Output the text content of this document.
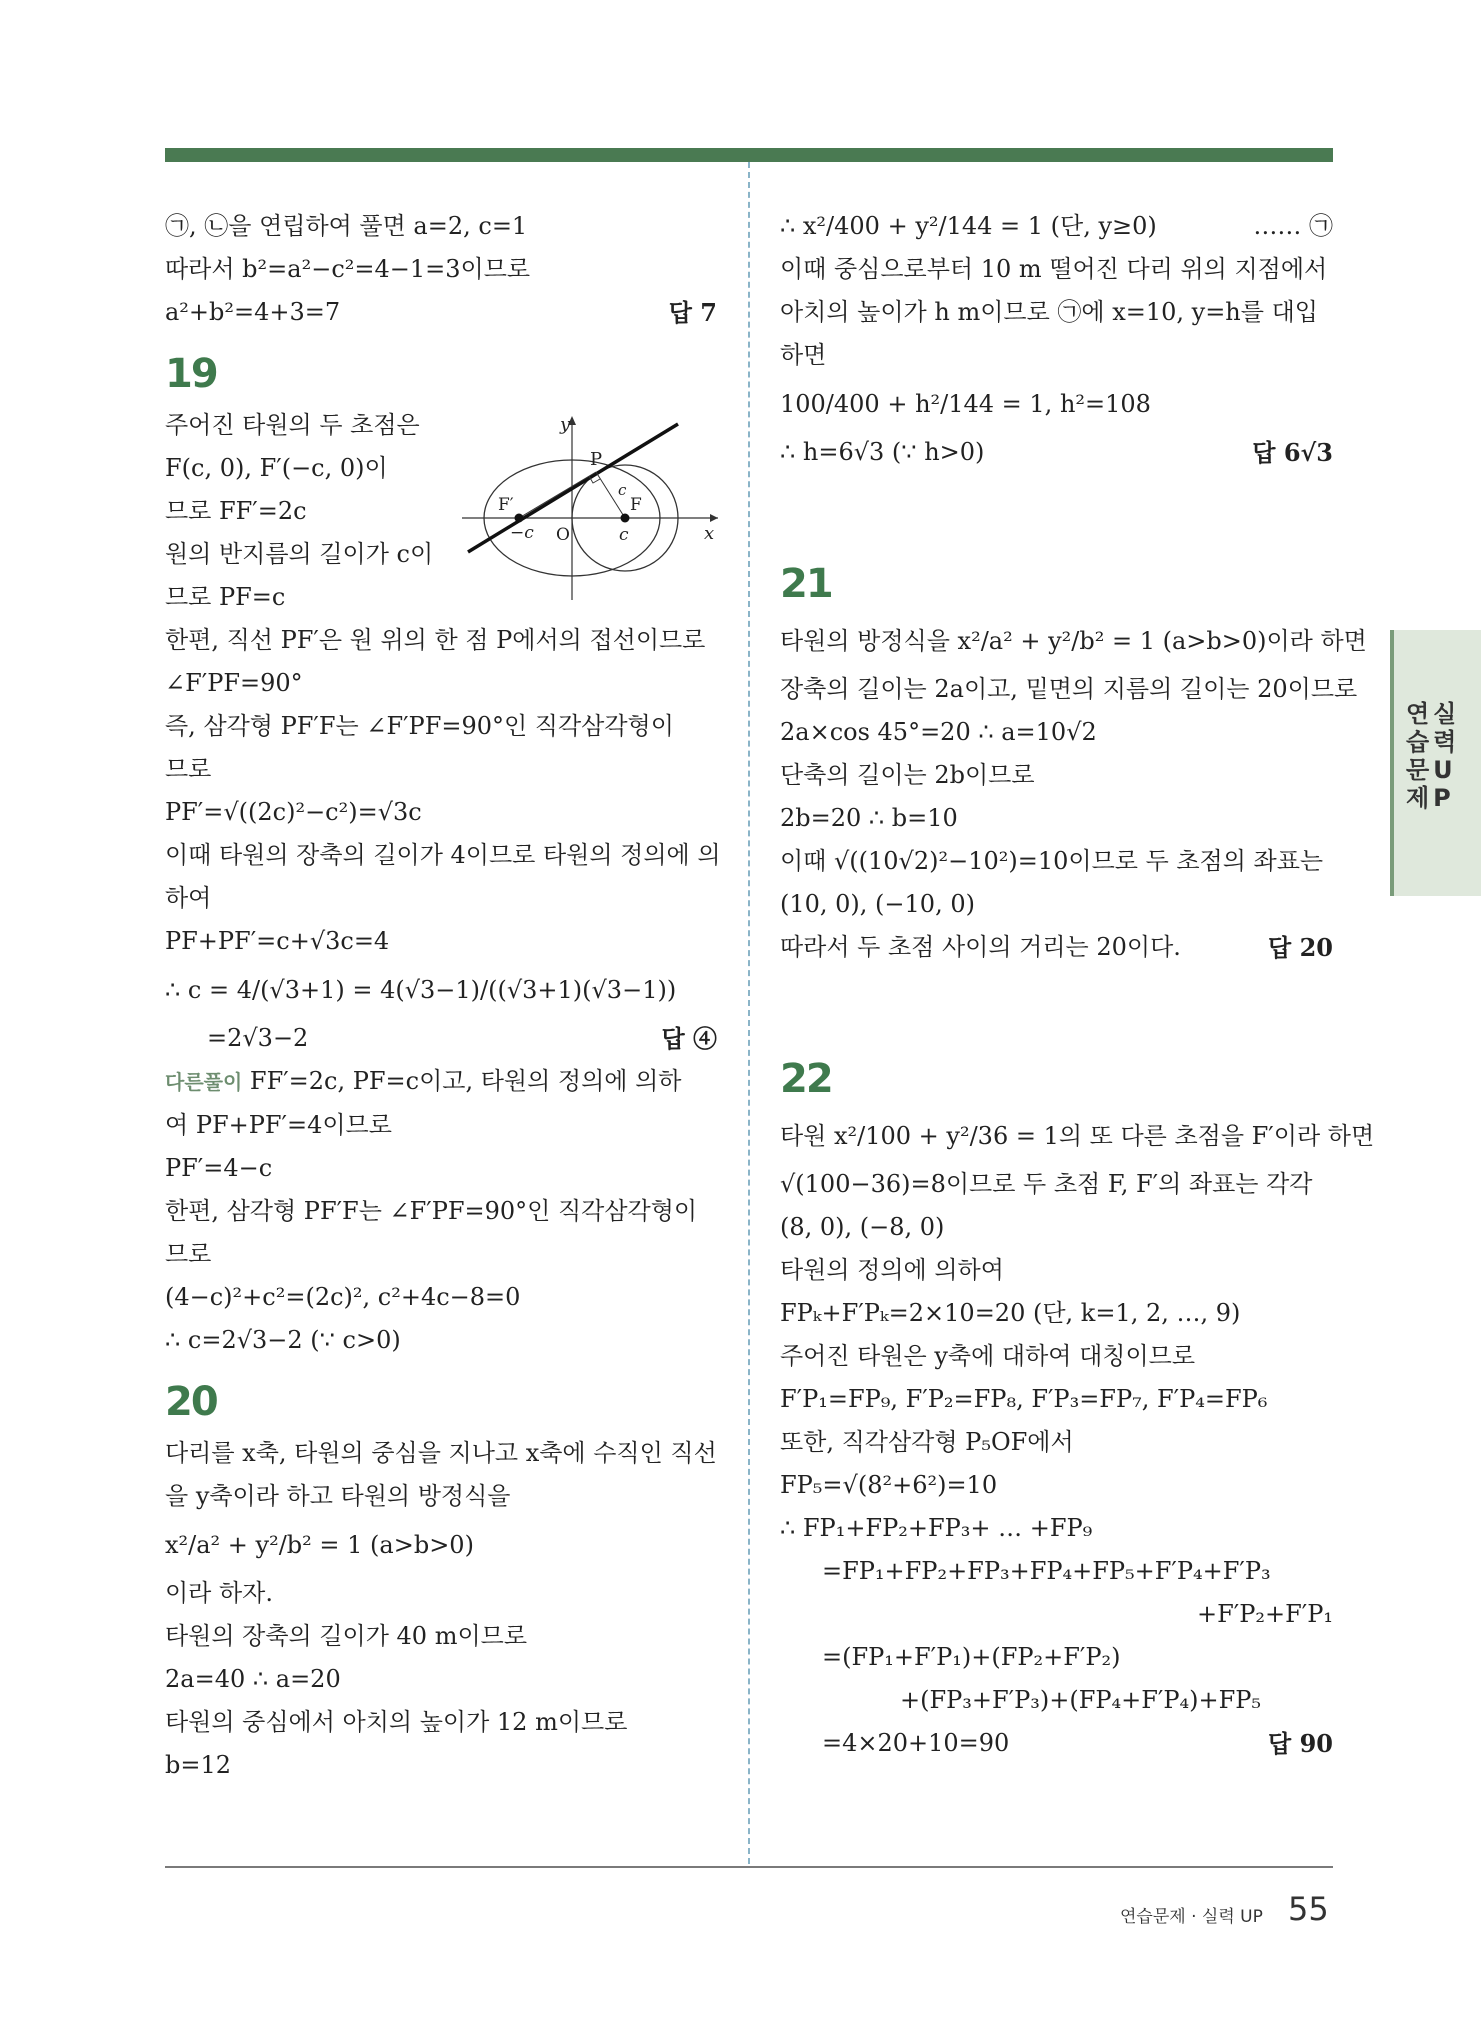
㉠, ㉡을 연립하여 풀면 a=2, c=1
따라서 b²=a²−c²=4−1=3이므로
답 7
a²+b²=4+3=7
19
주어진 타원의 두 초점은
F(c, 0), F′(−c, 0)이
므로 FF′=2c
원의 반지름의 길이가 c이
므로 PF=c
한편, 직선 PF′은 원 위의 한 점 P에서의 접선이므로
∠F′PF=90°
즉, 삼각형 PF′F는 ∠F′PF=90°인 직각삼각형이
므로
PF′=√((2c)²−c²)=√3c
이때 타원의 장축의 길이가 4이므로 타원의 정의에 의
하여
PF+PF′=c+√3c=4
∴ c = 4/(√3+1) = 4(√3−1)/((√3+1)(√3−1))
답 ④
=2√3−2
다른풀이 FF′=2c, PF=c이고, 타원의 정의에 의하
여 PF+PF′=4이므로
PF′=4−c
한편, 삼각형 PF′F는 ∠F′PF=90°인 직각삼각형이
므로
(4−c)²+c²=(2c)², c²+4c−8=0
∴ c=2√3−2 (∵ c>0)
20
다리를 x축, 타원의 중심을 지나고 x축에 수직인 직선
을 y축이라 하고 타원의 방정식을
x²/a² + y²/b² = 1 (a>b>0)
이라 하자.
타원의 장축의 길이가 40 m이므로
2a=40 ∴ a=20
타원의 중심에서 아치의 높이가 12 m이므로
b=12
y
x
P
F′	F
O
−c	c
c
…… ㉠
∴ x²/400 + y²/144 = 1 (단, y≥0)
이때 중심으로부터 10 m 떨어진 다리 위의 지점에서
아치의 높이가 h m이므로 ㉠에 x=10, y=h를 대입
하면
100/400 + h²/144 = 1, h²=108
답 6√3
∴ h=6√3 (∵ h>0)
21
타원의 방정식을 x²/a² + y²/b² = 1 (a>b>0)이라 하면
장축의 길이는 2a이고, 밑면의 지름의 길이는 20이므로
2a×cos 45°=20 ∴ a=10√2
단축의 길이는 2b이므로
2b=20 ∴ b=10
이때 √((10√2)²−10²)=10이므로 두 초점의 좌표는
(10, 0), (−10, 0)
답 20
따라서 두 초점 사이의 거리는 20이다.
22
타원 x²/100 + y²/36 = 1의 또 다른 초점을 F′이라 하면
√(100−36)=8이므로 두 초점 F, F′의 좌표는 각각
(8, 0), (−8, 0)
타원의 정의에 의하여
FPₖ+F′Pₖ=2×10=20 (단, k=1, 2, …, 9)
주어진 타원은 y축에 대하여 대칭이므로
F′P₁=FP₉, F′P₂=FP₈, F′P₃=FP₇, F′P₄=FP₆
또한, 직각삼각형 P₅OF에서
FP₅=√(8²+6²)=10
∴ FP₁+FP₂+FP₃+ … +FP₉
=FP₁+FP₂+FP₃+FP₄+FP₅+F′P₄+F′P₃
+F′P₂+F′P₁
=(FP₁+F′P₁)+(FP₂+F′P₂)
+(FP₃+F′P₃)+(FP₄+F′P₄)+FP₅
답 90
=4×20+10=90
연실
습력
문U
제P
연습문제 · 실력 UP 55
